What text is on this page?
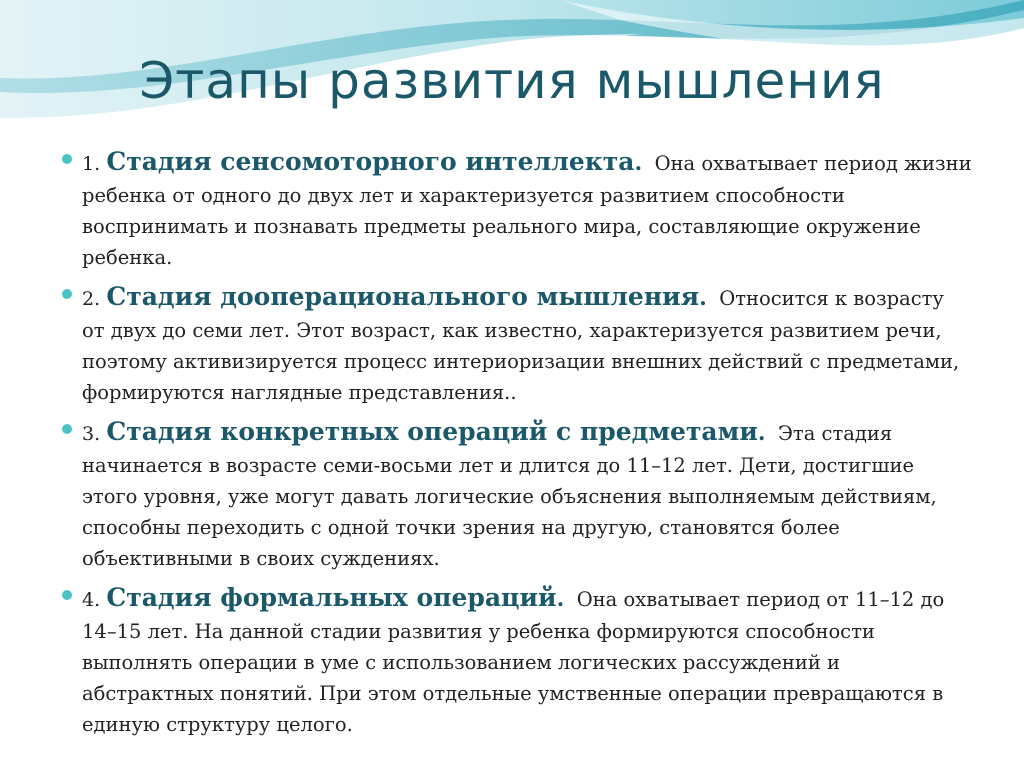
Этапы развития мышления
1. Стадия сенсомоторного интеллекта. Она охватывает период жизни ребенка от одного до двух лет и характеризуется развитием способности воспринимать и познавать предметы реального мира, составляющие окружение ребенка.
2. Стадия дооперационального мышления. Относится к возрасту от двух до семи лет. Этот возраст, как известно, характеризуется развитием речи, поэтому активизируется процесс интериоризации внешних действий с предметами, формируются наглядные представления..
3. Стадия конкретных операций с предметами. Эта стадия начинается в возрасте семи-восьми лет и длится до 11–12 лет. Дети, достигшие этого уровня, уже могут давать логические объяснения выполняемым действиям, способны переходить с одной точки зрения на другую, становятся более объективными в своих суждениях.
4. Стадия формальных операций. Она охватывает период от 11–12 до 14–15 лет. На данной стадии развития у ребенка формируются способности выполнять операции в уме с использованием логических рассуждений и абстрактных понятий. При этом отдельные умственные операции превращаются в единую структуру целого.
